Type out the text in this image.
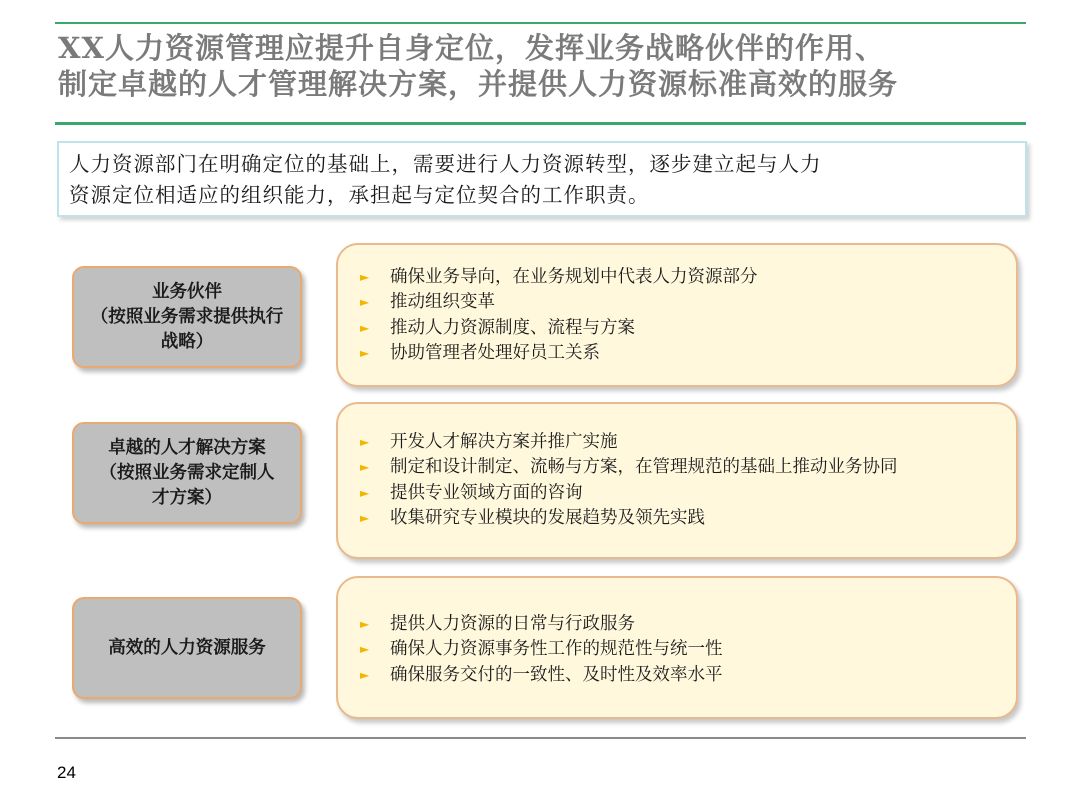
XX人力资源管理应提升自身定位，发挥业务战略伙伴的作用、
制定卓越的人才管理解决方案，并提供人力资源标准高效的服务
人力资源部门在明确定位的基础上，需要进行人力资源转型，逐步建立起与人力
资源定位相适应的组织能力，承担起与定位契合的工作职责。
业务伙伴
（按照业务需求提供执行
战略）
► 确保业务导向，在业务规划中代表人力资源部分
► 推动组织变革
► 推动人力资源制度、流程与方案
► 协助管理者处理好员工关系
卓越的人才解决方案
（按照业务需求定制人
才方案）
► 开发人才解决方案并推广实施
► 制定和设计制定、流畅与方案，在管理规范的基础上推动业务协同
► 提供专业领域方面的咨询
► 收集研究专业模块的发展趋势及领先实践
高效的人力资源服务
► 提供人力资源的日常与行政服务
► 确保人力资源事务性工作的规范性与统一性
► 确保服务交付的一致性、及时性及效率水平
24
